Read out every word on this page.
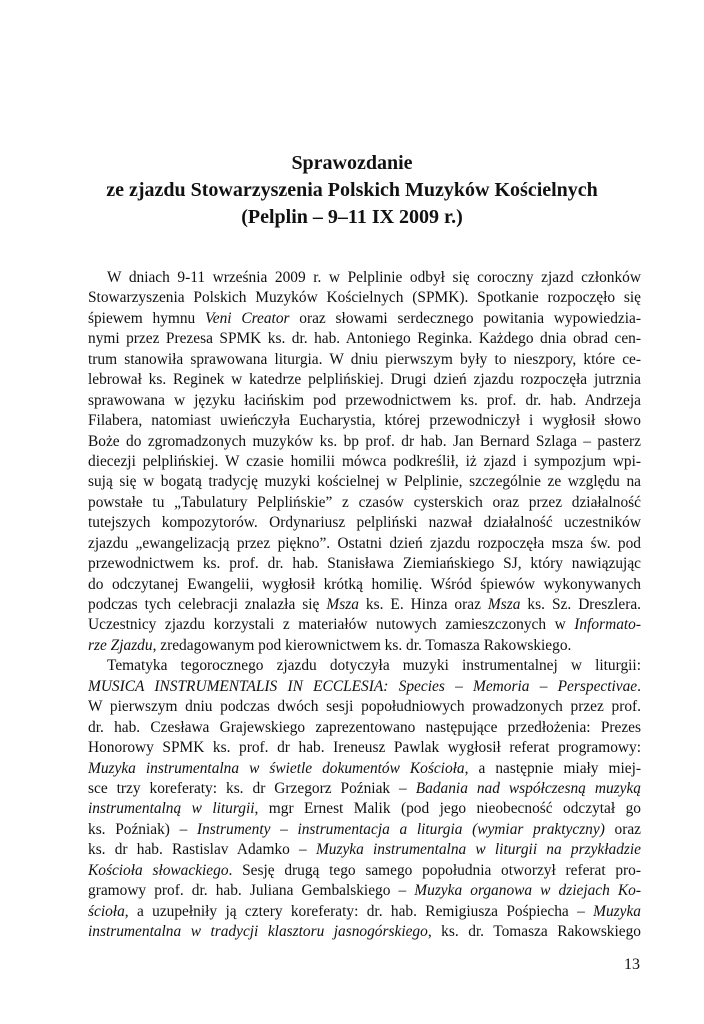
Sprawozdanie
ze zjazdu Stowarzyszenia Polskich Muzyków Kościelnych
(Pelplin – 9–11 IX 2009 r.)
W dniach 9-11 września 2009 r. w Pelplinie odbył się coroczny zjazd członków
Stowarzyszenia Polskich Muzyków Kościelnych (SPMK). Spotkanie rozpoczęło się
śpiewem hymnu Veni Creator oraz słowami serdecznego powitania wypowiedzia-
nymi przez Prezesa SPMK ks. dr. hab. Antoniego Reginka. Każdego dnia obrad cen-
trum stanowiła sprawowana liturgia. W dniu pierwszym były to nieszpory, które ce-
lebrował ks. Reginek w katedrze pelplińskiej. Drugi dzień zjazdu rozpoczęła jutrznia
sprawowana w języku łacińskim pod przewodnictwem ks. prof. dr. hab. Andrzeja
Filabera, natomiast uwieńczyła Eucharystia, której przewodniczył i wygłosił słowo
Boże do zgromadzonych muzyków ks. bp prof. dr hab. Jan Bernard Szlaga – pasterz
diecezji pelplińskiej. W czasie homilii mówca podkreślił, iż zjazd i sympozjum wpi-
sują się w bogatą tradycję muzyki kościelnej w Pelplinie, szczególnie ze względu na
powstałe tu „Tabulatury Pelplińskie” z czasów cysterskich oraz przez działalność
tutejszych kompozytorów. Ordynariusz pelpliński nazwał działalność uczestników
zjazdu „ewangelizacją przez piękno”. Ostatni dzień zjazdu rozpoczęła msza św. pod
przewodnictwem ks. prof. dr. hab. Stanisława Ziemiańskiego SJ, który nawiązując
do odczytanej Ewangelii, wygłosił krótką homilię. Wśród śpiewów wykonywanych
podczas tych celebracji znalazła się Msza ks. E. Hinza oraz Msza ks. Sz. Dreszlera.
Uczestnicy zjazdu korzystali z materiałów nutowych zamieszczonych w Informato-
rze Zjazdu, zredagowanym pod kierownictwem ks. dr. Tomasza Rakowskiego.
Tematyka tegorocznego zjazdu dotyczyła muzyki instrumentalnej w liturgii:
MUSICA INSTRUMENTALIS IN ECCLESIA: Species – Memoria – Perspectivae.
W pierwszym dniu podczas dwóch sesji popołudniowych prowadzonych przez prof.
dr. hab. Czesława Grajewskiego zaprezentowano następujące przedłożenia: Prezes
Honorowy SPMK ks. prof. dr hab. Ireneusz Pawlak wygłosił referat programowy:
Muzyka instrumentalna w świetle dokumentów Kościoła, a następnie miały miej-
sce trzy koreferaty: ks. dr Grzegorz Poźniak – Badania nad współczesną muzyką
instrumentalną w liturgii, mgr Ernest Malik (pod jego nieobecność odczytał go
ks. Poźniak) – Instrumenty – instrumentacja a liturgia (wymiar praktyczny) oraz
ks. dr hab. Rastislav Adamko – Muzyka instrumentalna w liturgii na przykładzie
Kościoła słowackiego. Sesję drugą tego samego popołudnia otworzył referat pro-
gramowy prof. dr. hab. Juliana Gembalskiego – Muzyka organowa w dziejach Ko-
ścioła, a uzupełniły ją cztery koreferaty: dr. hab. Remigiusza Pośpiecha – Muzyka
instrumentalna w tradycji klasztoru jasnogórskiego, ks. dr. Tomasza Rakowskiego
13
